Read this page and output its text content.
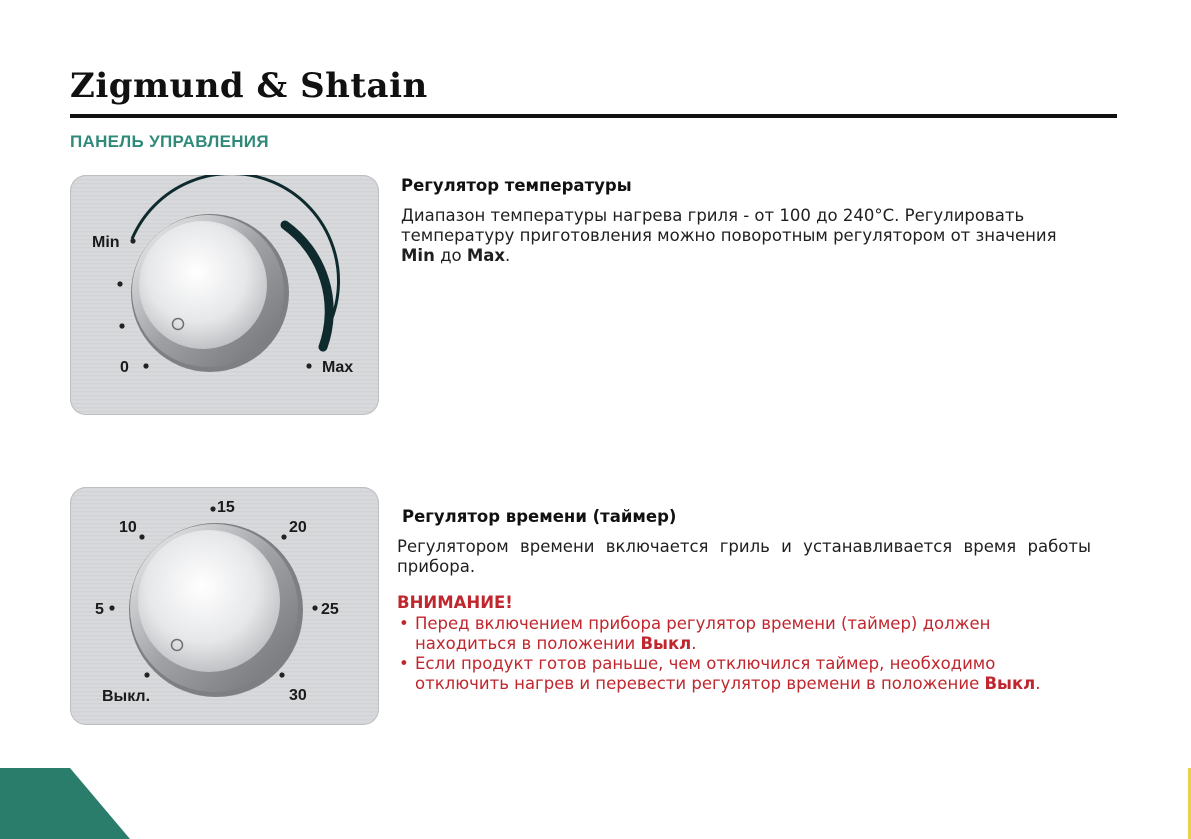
Zigmund & Shtain
ПАНЕЛЬ УПРАВЛЕНИЯ
Min
0	Max
Регулятор температуры

Диапазон температуры нагрева гриля - от 100 до 240°С. Регулировать температуру приготовления можно поворотным регулятором от значения Min до Max.

15
10	20
5	25
30
Выкл.
Регулятор времени (таймер)

Регулятором времени включается гриль и устанавливается время работы прибора.

ВНИМАНИЕ!
• Перед включением прибора регулятор времени (таймер) должен находиться в положении Выкл.
• Если продукт готов раньше, чем отключился таймер, необходимо отключить нагрев и перевести регулятор времени в положение Выкл.
